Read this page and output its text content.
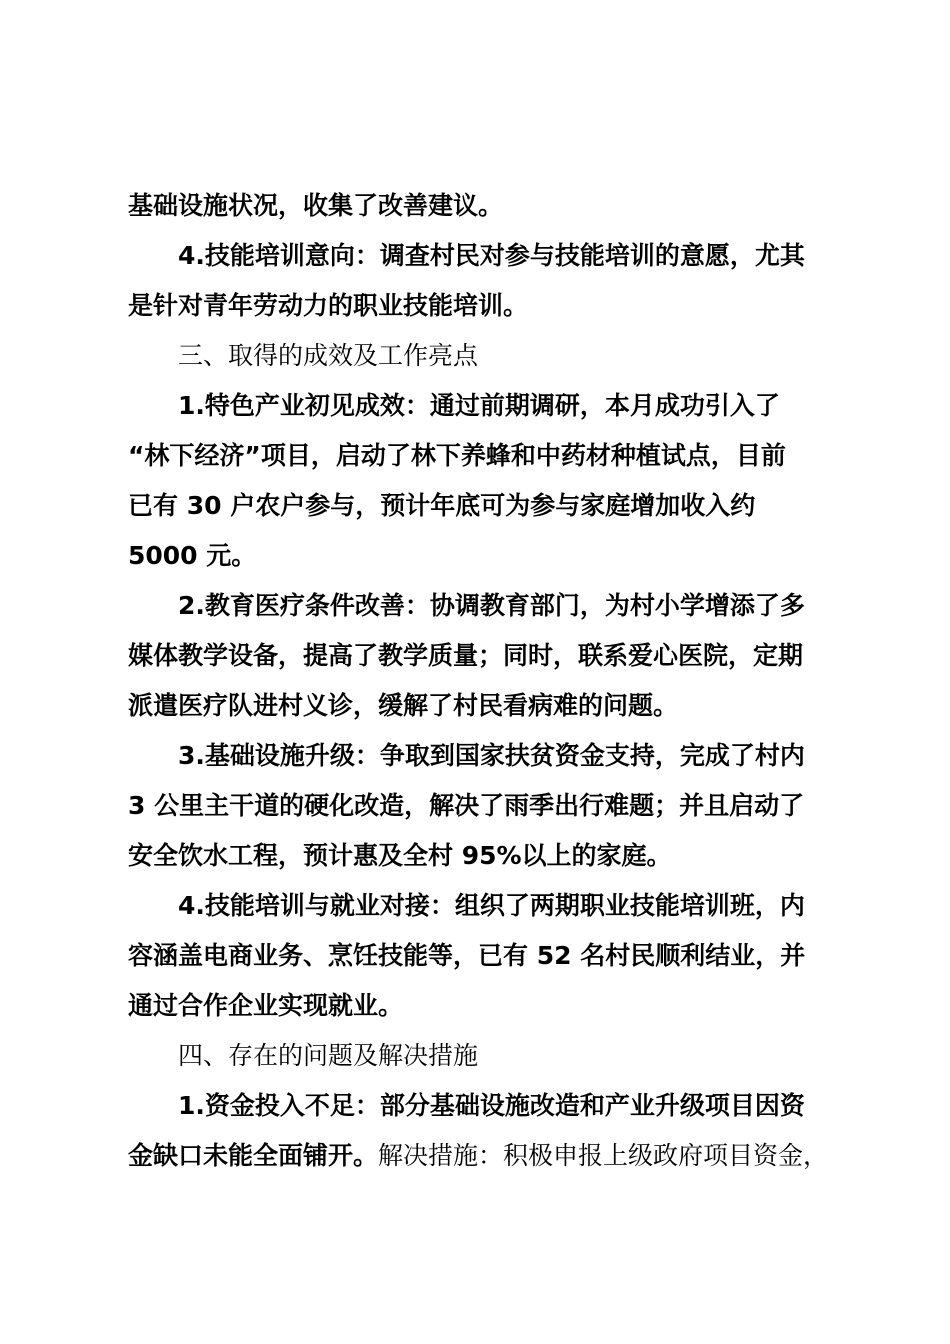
基础设施状况，收集了改善建议。
4.技能培训意向：调查村民对参与技能培训的意愿，尤其
是针对青年劳动力的职业技能培训。
三、取得的成效及工作亮点
1.特色产业初见成效：通过前期调研，本月成功引入了
“林下经济”项目，启动了林下养蜂和中药材种植试点，目前
已有 30 户农户参与，预计年底可为参与家庭增加收入约
5000 元。
2.教育医疗条件改善：协调教育部门，为村小学增添了多
媒体教学设备，提高了教学质量；同时，联系爱心医院，定期
派遣医疗队进村义诊，缓解了村民看病难的问题。
3.基础设施升级：争取到国家扶贫资金支持，完成了村内
3 公里主干道的硬化改造，解决了雨季出行难题；并且启动了
安全饮水工程，预计惠及全村 95%以上的家庭。
4.技能培训与就业对接：组织了两期职业技能培训班，内
容涵盖电商业务、烹饪技能等，已有 52 名村民顺利结业，并
通过合作企业实现就业。
四、存在的问题及解决措施
1.资金投入不足：部分基础设施改造和产业升级项目因资
金缺口未能全面铺开。解决措施：积极申报上级政府项目资金，
